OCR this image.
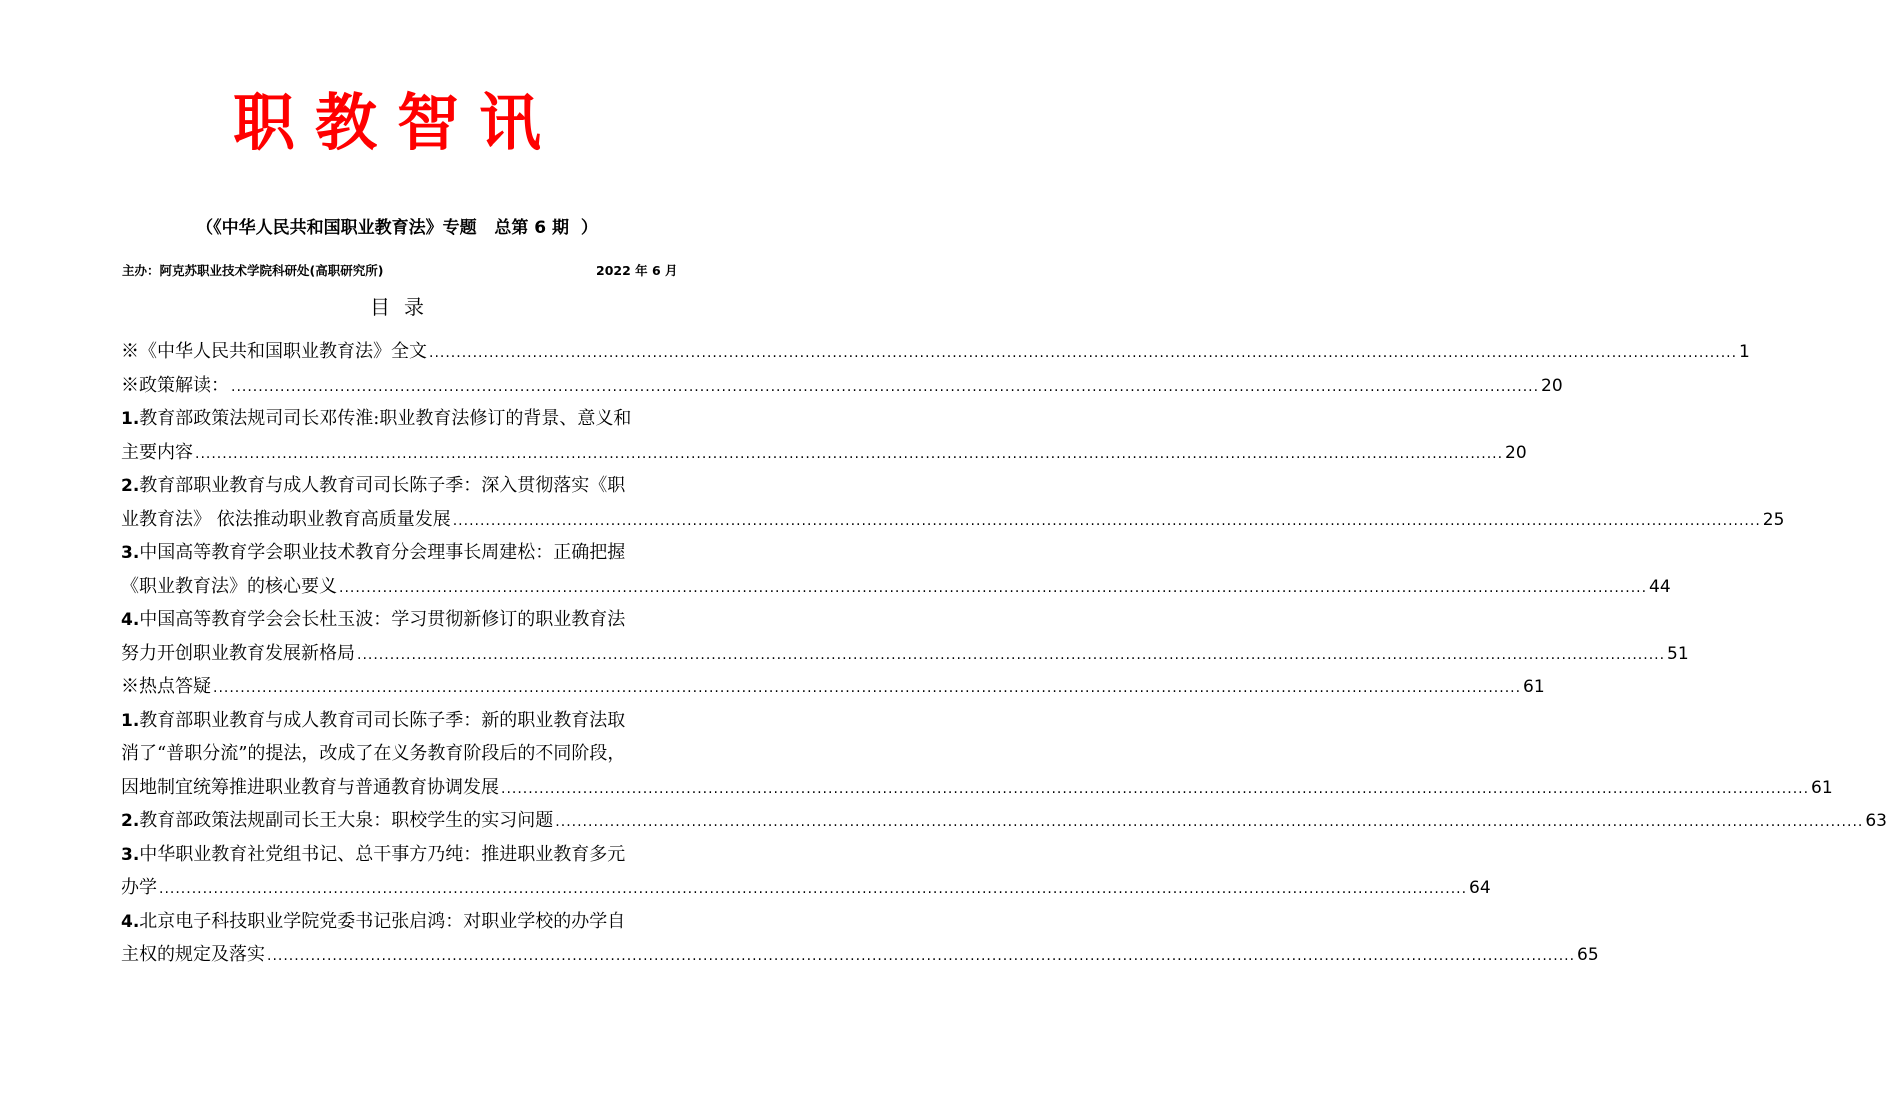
职教智讯
（《中华人民共和国职业教育法》专题   总第 6 期  ）
主办：阿克苏职业技术学院科研处(高职研究所)	2022 年 6 月
目录
※《中华人民共和国职业教育法》全文 ................................................................................................................................................................................................................................................ 1
※政策解读： ................................................................................................................................................................................................................................................ 20
1.教育部政策法规司司长邓传淮:职业教育法修订的背景、意义和
主要内容 ................................................................................................................................................................................................................................................ 20
2.教育部职业教育与成人教育司司长陈子季：深入贯彻落实《职
业教育法》 依法推动职业教育高质量发展 ................................................................................................................................................................................................................................................ 25
3.中国高等教育学会职业技术教育分会理事长周建松：正确把握
《职业教育法》的核心要义 ................................................................................................................................................................................................................................................ 44
4.中国高等教育学会会长杜玉波：学习贯彻新修订的职业教育法
努力开创职业教育发展新格局 ................................................................................................................................................................................................................................................ 51
※热点答疑 ................................................................................................................................................................................................................................................ 61
1.教育部职业教育与成人教育司司长陈子季：新的职业教育法取
消了“普职分流”的提法，改成了在义务教育阶段后的不同阶段，
因地制宜统筹推进职业教育与普通教育协调发展 ................................................................................................................................................................................................................................................ 61
2.教育部政策法规副司长王大泉：职校学生的实习问题 ................................................................................................................................................................................................................................................ 63
3.中华职业教育社党组书记、总干事方乃纯：推进职业教育多元
办学 ................................................................................................................................................................................................................................................ 64
4.北京电子科技职业学院党委书记张启鸿：对职业学校的办学自
主权的规定及落实 ................................................................................................................................................................................................................................................ 65
